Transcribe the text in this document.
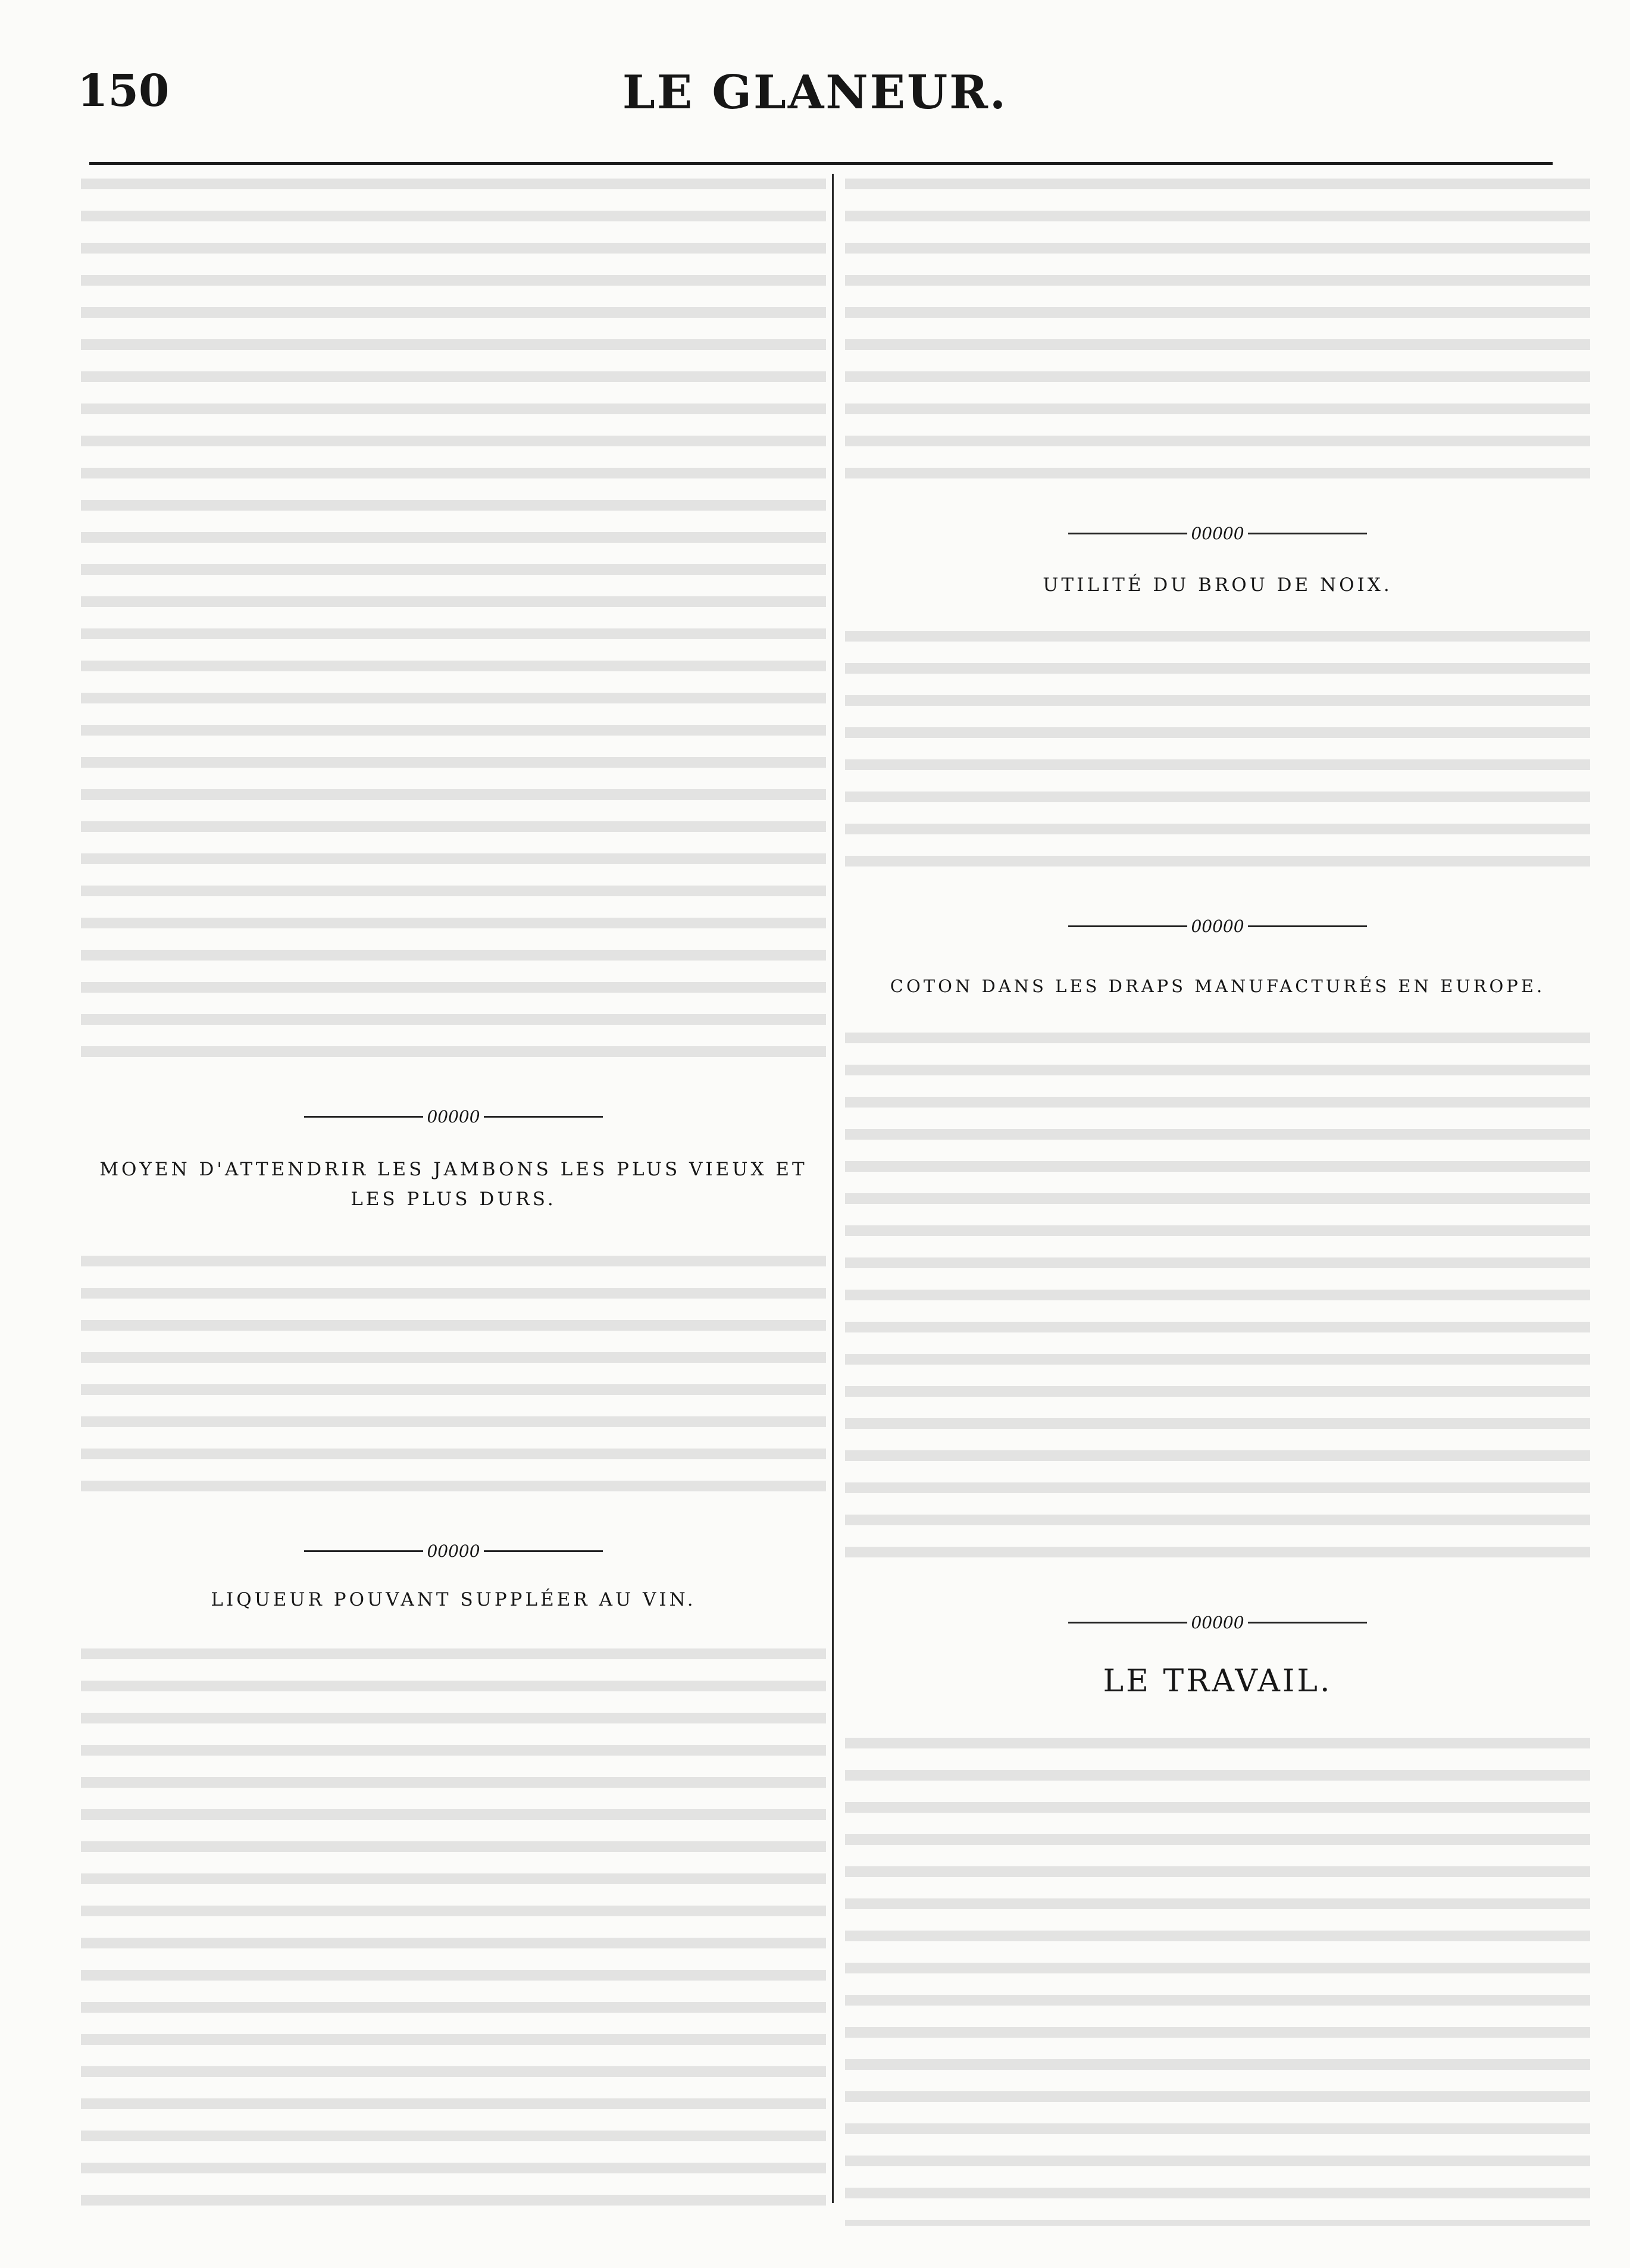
150	LE GLANEUR.
00000
MOYEN D'ATTENDRIR LES JAMBONS LES PLUS VIEUX ET LES PLUS DURS.
00000
LIQUEUR POUVANT SUPPLÉER AU VIN.
00000
UTILITÉ DU BROU DE NOIX.
00000
COTON DANS LES DRAPS MANUFACTURÉS EN EUROPE.
00000
LE TRAVAIL.
